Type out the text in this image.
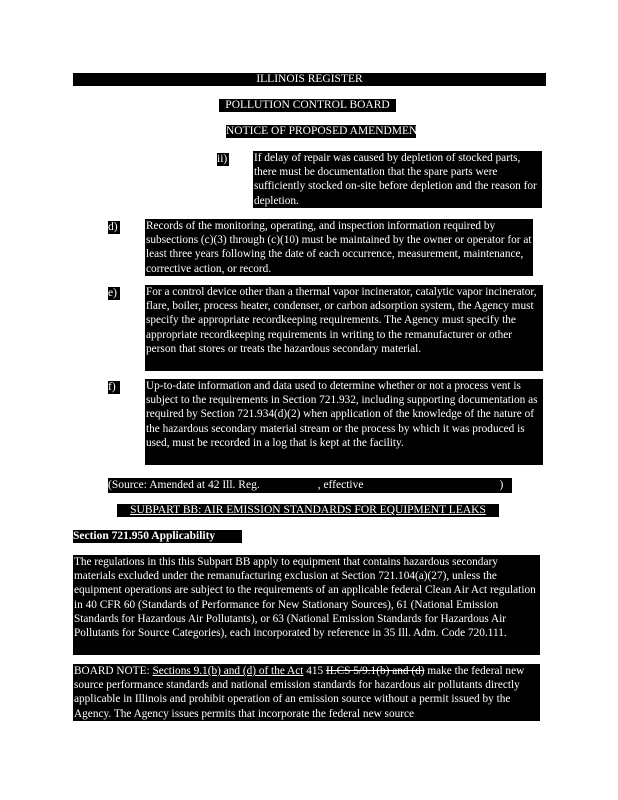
ILLINOIS REGISTER
POLLUTION CONTROL BOARD
NOTICE OF PROPOSED AMENDMENTS
ii) If delay of repair was caused by depletion of stocked parts, there must be documentation that the spare parts were sufficiently stocked on-site before depletion and the reason for depletion.
d)	Records of the monitoring, operating, and inspection information required by subsections (c)(3) through (c)(10) must be maintained by the owner or operator for at least three years following the date of each occurrence, measurement, maintenance, corrective action, or record.
e)	For a control device other than a thermal vapor incinerator, catalytic vapor incinerator, flare, boiler, process heater, condenser, or carbon adsorption system, the Agency must specify the appropriate recordkeeping requirements. The Agency must specify the appropriate recordkeeping requirements in writing to the remanufacturer or other person that stores or treats the hazardous secondary material.
f)	Up-to-date information and data used to determine whether or not a process vent is subject to the requirements in Section 721.932, including supporting documentation as required by Section 721.934(d)(2) when application of the knowledge of the nature of the hazardous secondary material stream or the process by which it was produced is used, must be recorded in a log that is kept at the facility.
(Source: Amended at 42 Ill. Reg.	, effective	)
SUBPART BB: AIR EMISSION STANDARDS FOR EQUIPMENT LEAKS
Section 721.950 Applicability
The regulations in this this Subpart BB apply to equipment that contains hazardous secondary materials excluded under the remanufacturing exclusion at Section 721.104(a)(27), unless the equipment operations are subject to the requirements of an applicable federal Clean Air Act regulation in 40 CFR 60 (Standards of Performance for New Stationary Sources), 61 (National Emission Standards for Hazardous Air Pollutants), or 63 (National Emission Standards for Hazardous Air Pollutants for Source Categories), each incorporated by reference in 35 Ill. Adm. Code 720.111.
BOARD NOTE: Sections 9.1(b) and (d) of the Act 415 ILCS 5/9.1(b) and (d) make the federal new source performance standards and national emission standards for hazardous air pollutants directly applicable in Illinois and prohibit operation of an emission source without a permit issued by the Agency. The Agency issues permits that incorporate the federal new source
